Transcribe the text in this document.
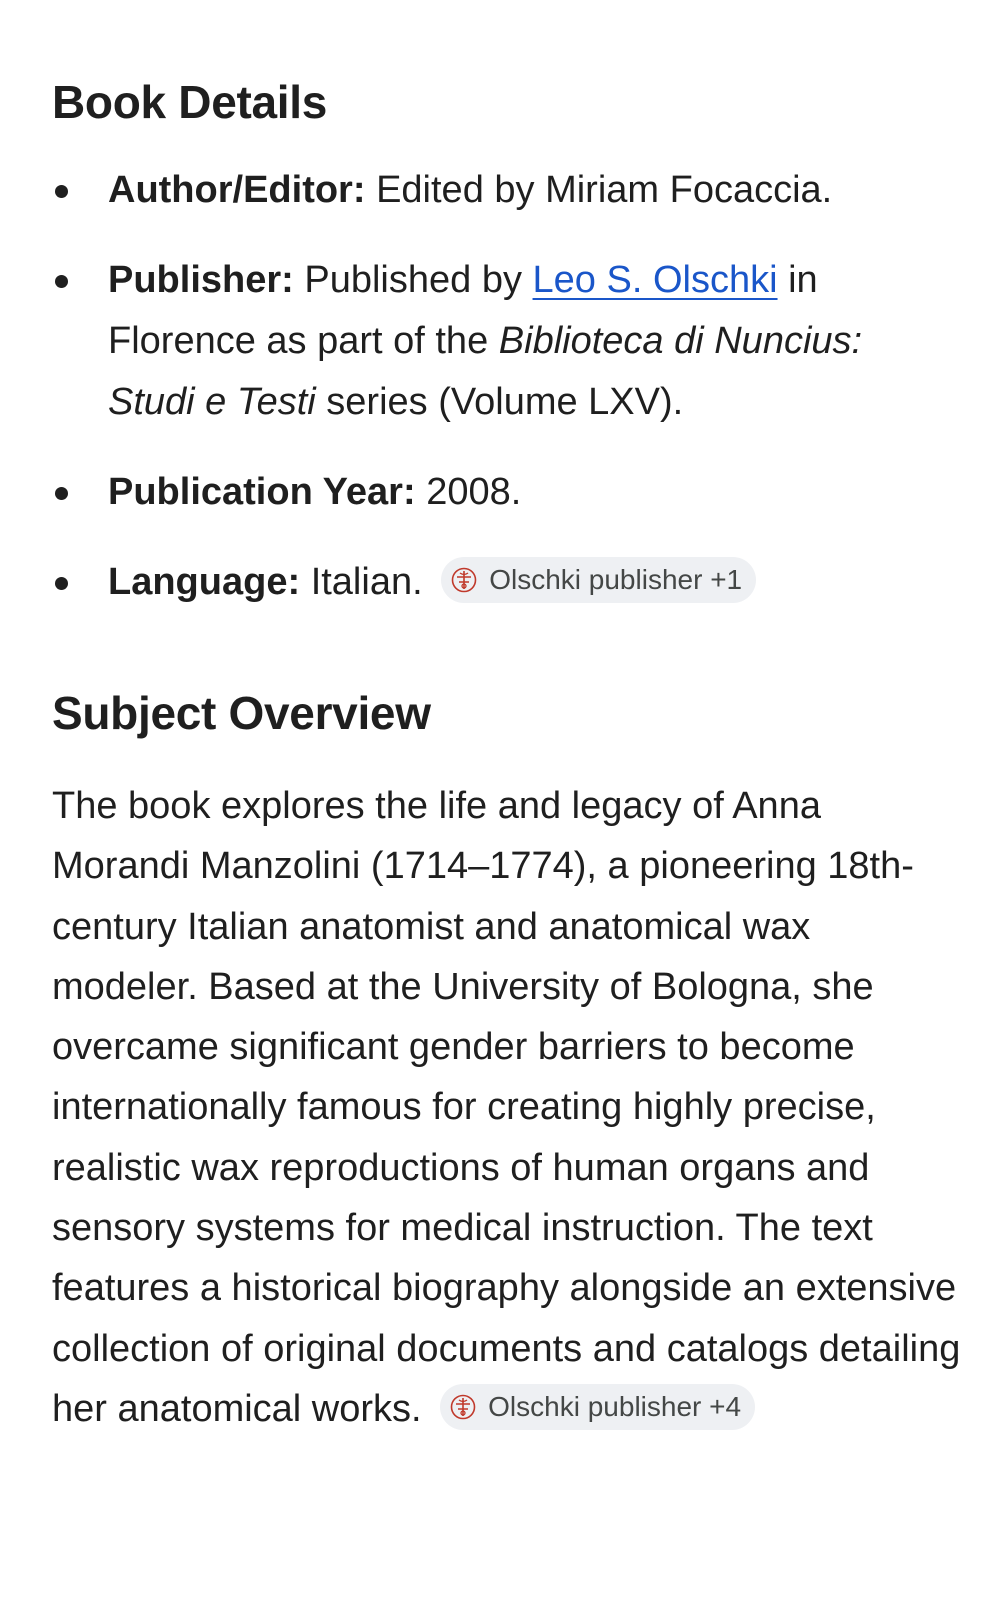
Book Details
Author/Editor: Edited by Miriam Focaccia.
Publisher: Published by Leo S. Olschki in Florence as part of the Biblioteca di Nuncius: Studi e Testi series (Volume LXV).
Publication Year: 2008.
Language: Italian. Olschki publisher +1
Subject Overview

The book explores the life and legacy of Anna Morandi Manzolini (1714–1774), a pioneering 18th-century Italian anatomist and anatomical wax modeler. Based at the University of Bologna, she overcame significant gender barriers to become internationally famous for creating highly precise, realistic wax reproductions of human organs and sensory systems for medical instruction. The text features a historical biography alongside an extensive collection of original documents and catalogs detailing her anatomical works. Olschki publisher +4
